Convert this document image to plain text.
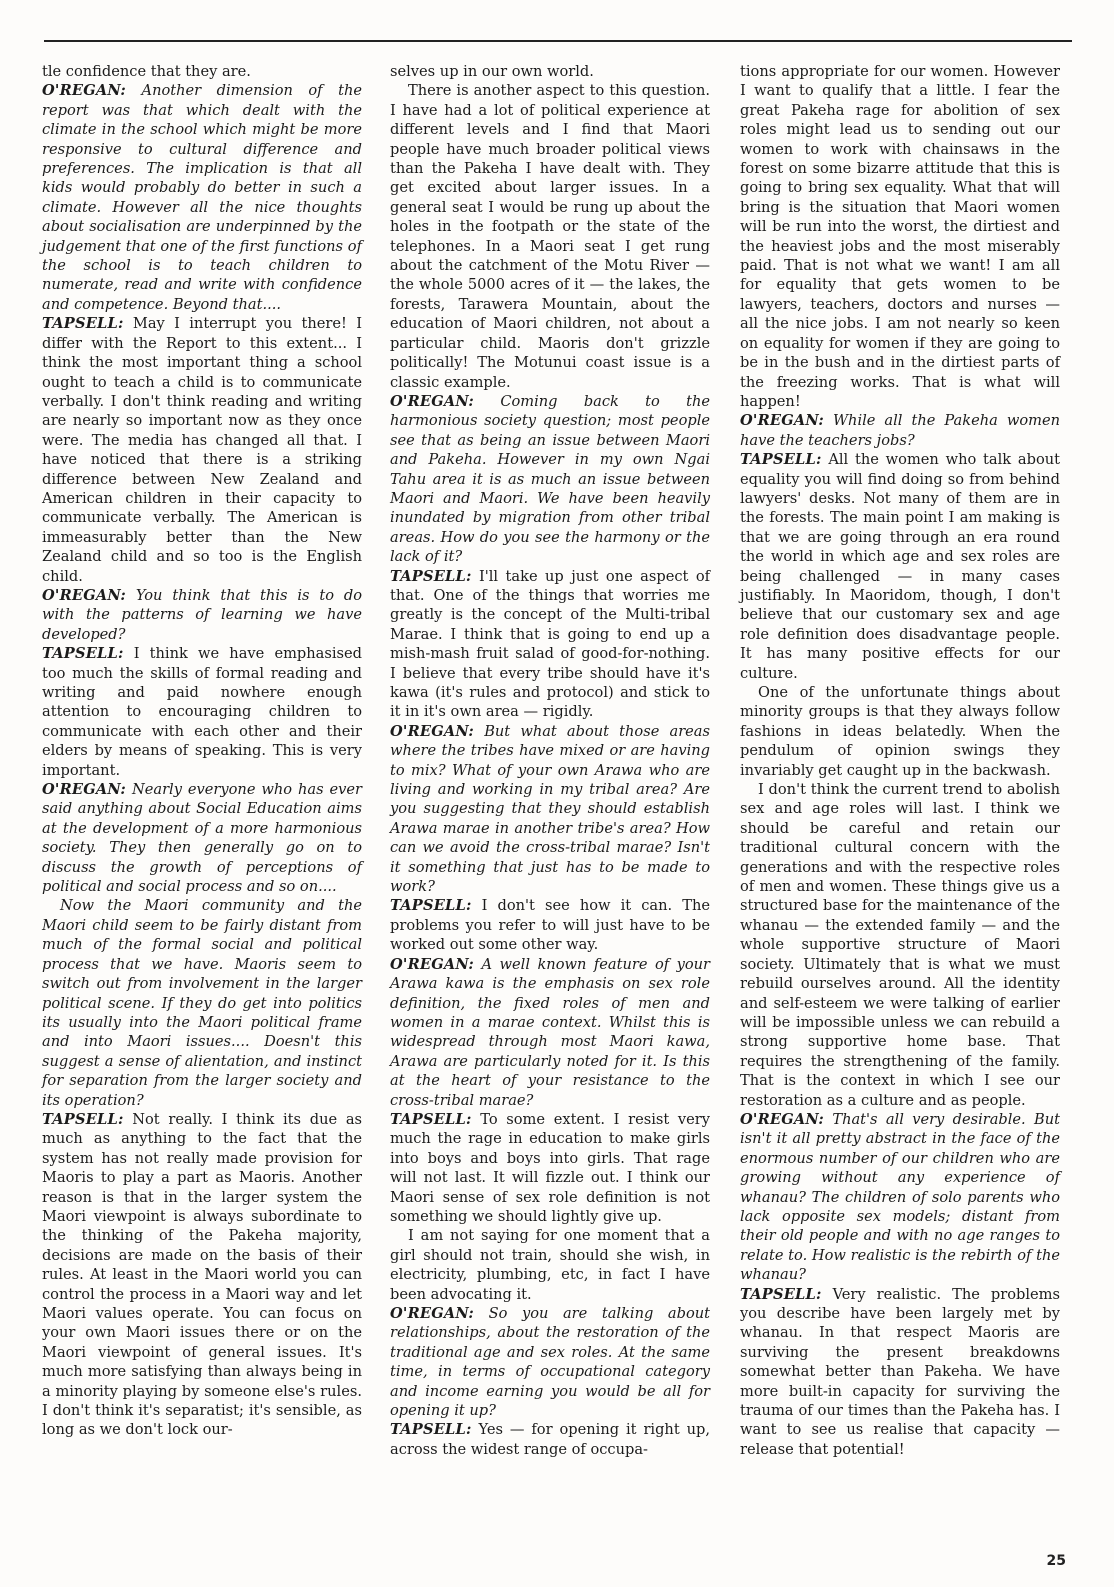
tle confidence that they are.

O'REGAN: Another dimension of the report was that which dealt with the climate in the school which might be more responsive to cultural difference and preferences. The implication is that all kids would probably do better in such a climate. However all the nice thoughts about socialisation are underpinned by the judgement that one of the first functions of the school is to teach children to numerate, read and write with confidence and competence. Beyond that....

TAPSELL: May I interrupt you there! I differ with the Report to this extent... I think the most important thing a school ought to teach a child is to communicate verbally. I don't think reading and writing are nearly so important now as they once were. The media has changed all that. I have noticed that there is a striking difference between New Zealand and American children in their capacity to communicate verbally. The American is immeasurably better than the New Zealand child and so too is the English child.

O'REGAN: You think that this is to do with the patterns of learning we have developed?

TAPSELL: I think we have emphasised too much the skills of formal reading and writing and paid nowhere enough attention to encouraging children to communicate with each other and their elders by means of speaking. This is very important.

O'REGAN: Nearly everyone who has ever said anything about Social Education aims at the development of a more harmonious society. They then generally go on to discuss the growth of perceptions of political and social process and so on....

Now the Maori community and the Maori child seem to be fairly distant from much of the formal social and political process that we have. Maoris seem to switch out from involvement in the larger political scene. If they do get into politics its usually into the Maori political frame and into Maori issues.... Doesn't this suggest a sense of alientation, and instinct for separation from the larger society and its operation?

TAPSELL: Not really. I think its due as much as anything to the fact that the system has not really made provision for Maoris to play a part as Maoris. Another reason is that in the larger system the Maori viewpoint is always subordinate to the thinking of the Pakeha majority, decisions are made on the basis of their rules. At least in the Maori world you can control the process in a Maori way and let Maori values operate. You can focus on your own Maori issues there or on the Maori viewpoint of general issues. It's much more satisfying than always being in a minority playing by someone else's rules. I don't think it's separatist; it's sensible, as long as we don't lock our-

selves up in our own world.

There is another aspect to this question. I have had a lot of political experience at different levels and I find that Maori people have much broader political views than the Pakeha I have dealt with. They get excited about larger issues. In a general seat I would be rung up about the holes in the footpath or the state of the telephones. In a Maori seat I get rung about the catchment of the Motu River — the whole 5000 acres of it — the lakes, the forests, Tarawera Mountain, about the education of Maori children, not about a particular child. Maoris don't grizzle politically! The Motunui coast issue is a classic example.

O'REGAN: Coming back to the harmonious society question; most people see that as being an issue between Maori and Pakeha. However in my own Ngai Tahu area it is as much an issue between Maori and Maori. We have been heavily inundated by migration from other tribal areas. How do you see the harmony or the lack of it?

TAPSELL: I'll take up just one aspect of that. One of the things that worries me greatly is the concept of the Multi-tribal Marae. I think that is going to end up a mish-mash fruit salad of good-for-nothing. I believe that every tribe should have it's kawa (it's rules and protocol) and stick to it in it's own area — rigidly.

O'REGAN: But what about those areas where the tribes have mixed or are having to mix? What of your own Arawa who are living and working in my tribal area? Are you suggesting that they should establish Arawa marae in another tribe's area? How can we avoid the cross-tribal marae? Isn't it something that just has to be made to work?

TAPSELL: I don't see how it can. The problems you refer to will just have to be worked out some other way.

O'REGAN: A well known feature of your Arawa kawa is the emphasis on sex role definition, the fixed roles of men and women in a marae context. Whilst this is widespread through most Maori kawa, Arawa are particularly noted for it. Is this at the heart of your resistance to the cross-tribal marae?

TAPSELL: To some extent. I resist very much the rage in education to make girls into boys and boys into girls. That rage will not last. It will fizzle out. I think our Maori sense of sex role definition is not something we should lightly give up.

I am not saying for one moment that a girl should not train, should she wish, in electricity, plumbing, etc, in fact I have been advocating it.

O'REGAN: So you are talking about relationships, about the restoration of the traditional age and sex roles. At the same time, in terms of occupational category and income earning you would be all for opening it up?

TAPSELL: Yes — for opening it right up, across the widest range of occupa-

tions appropriate for our women. However I want to qualify that a little. I fear the great Pakeha rage for abolition of sex roles might lead us to sending out our women to work with chainsaws in the forest on some bizarre attitude that this is going to bring sex equality. What that will bring is the situation that Maori women will be run into the worst, the dirtiest and the heaviest jobs and the most miserably paid. That is not what we want! I am all for equality that gets women to be lawyers, teachers, doctors and nurses — all the nice jobs. I am not nearly so keen on equality for women if they are going to be in the bush and in the dirtiest parts of the freezing works. That is what will happen!

O'REGAN: While all the Pakeha women have the teachers jobs?

TAPSELL: All the women who talk about equality you will find doing so from behind lawyers' desks. Not many of them are in the forests. The main point I am making is that we are going through an era round the world in which age and sex roles are being challenged — in many cases justifiably. In Maoridom, though, I don't believe that our customary sex and age role definition does disadvantage people. It has many positive effects for our culture.

One of the unfortunate things about minority groups is that they always follow fashions in ideas belatedly. When the pendulum of opinion swings they invariably get caught up in the backwash.

I don't think the current trend to abolish sex and age roles will last. I think we should be careful and retain our traditional cultural concern with the generations and with the respective roles of men and women. These things give us a structured base for the maintenance of the whanau — the extended family — and the whole supportive structure of Maori society. Ultimately that is what we must rebuild ourselves around. All the identity and self-esteem we were talking of earlier will be impossible unless we can rebuild a strong supportive home base. That requires the strengthening of the family. That is the context in which I see our restoration as a culture and as people.

O'REGAN: That's all very desirable. But isn't it all pretty abstract in the face of the enormous number of our children who are growing without any experience of whanau? The children of solo parents who lack opposite sex models; distant from their old people and with no age ranges to relate to. How realistic is the rebirth of the whanau?

TAPSELL: Very realistic. The problems you describe have been largely met by whanau. In that respect Maoris are surviving the present breakdowns somewhat better than Pakeha. We have more built-in capacity for surviving the trauma of our times than the Pakeha has. I want to see us realise that capacity — release that potential!

25
